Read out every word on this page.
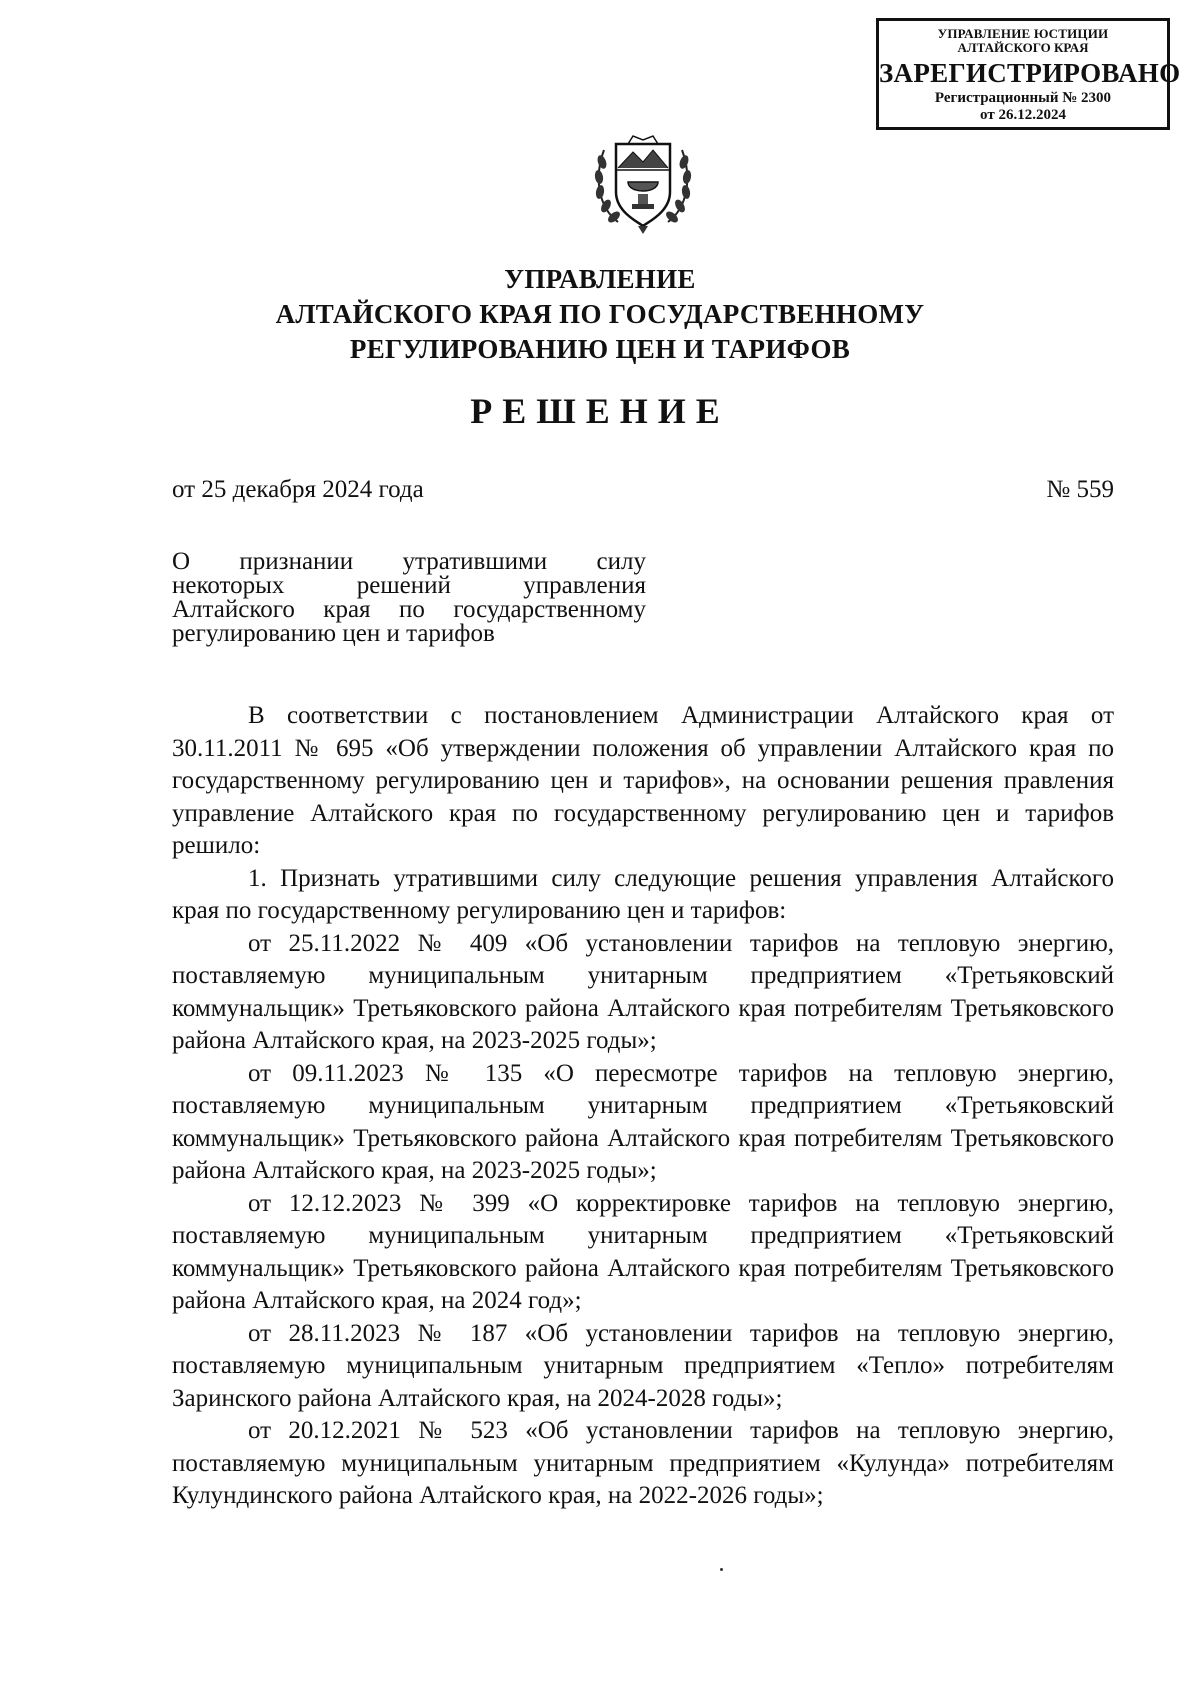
УПРАВЛЕНИЕ ЮСТИЦИИ
АЛТАЙСКОГО КРАЯ
ЗАРЕГИСТРИРОВАНО
Регистрационный № 2300
от 26.12.2024
УПРАВЛЕНИЕ
АЛТАЙСКОГО КРАЯ ПО ГОСУДАРСТВЕННОМУ
РЕГУЛИРОВАНИЮ ЦЕН И ТАРИФОВ
РЕШЕНИЕ
от 25 декабря 2024 года	№ 559
О признании утратившими силу
некоторых решений управления
Алтайского края по государственному
регулированию цен и тарифов

В соответствии с постановлением Администрации Алтайского края от 30.11.2011 № 695 «Об утверждении положения об управлении Алтайского края по государственному регулированию цен и тарифов», на основании решения правления управление Алтайского края по государственному регулированию цен и тарифов решило:

1. Признать утратившими силу следующие решения управления Алтайского края по государственному регулированию цен и тарифов:

от 25.11.2022 № 409 «Об установлении тарифов на тепловую энергию, поставляемую муниципальным унитарным предприятием «Третьяковский коммунальщик» Третьяковского района Алтайского края потребителям Третьяковского района Алтайского края, на 2023-2025 годы»;

от 09.11.2023 № 135 «О пересмотре тарифов на тепловую энергию, поставляемую муниципальным унитарным предприятием «Третьяковский коммунальщик» Третьяковского района Алтайского края потребителям Третьяковского района Алтайского края, на 2023-2025 годы»;

от 12.12.2023 № 399 «О корректировке тарифов на тепловую энергию, поставляемую муниципальным унитарным предприятием «Третьяковский коммунальщик» Третьяковского района Алтайского края потребителям Третьяковского района Алтайского края, на 2024 год»;

от 28.11.2023 № 187 «Об установлении тарифов на тепловую энергию, поставляемую муниципальным унитарным предприятием «Тепло» потребителям Заринского района Алтайского края, на 2024-2028 годы»;

от 20.12.2021 № 523 «Об установлении тарифов на тепловую энергию, поставляемую муниципальным унитарным предприятием «Кулунда» потребителям Кулундинского района Алтайского края, на 2022-2026 годы»;
